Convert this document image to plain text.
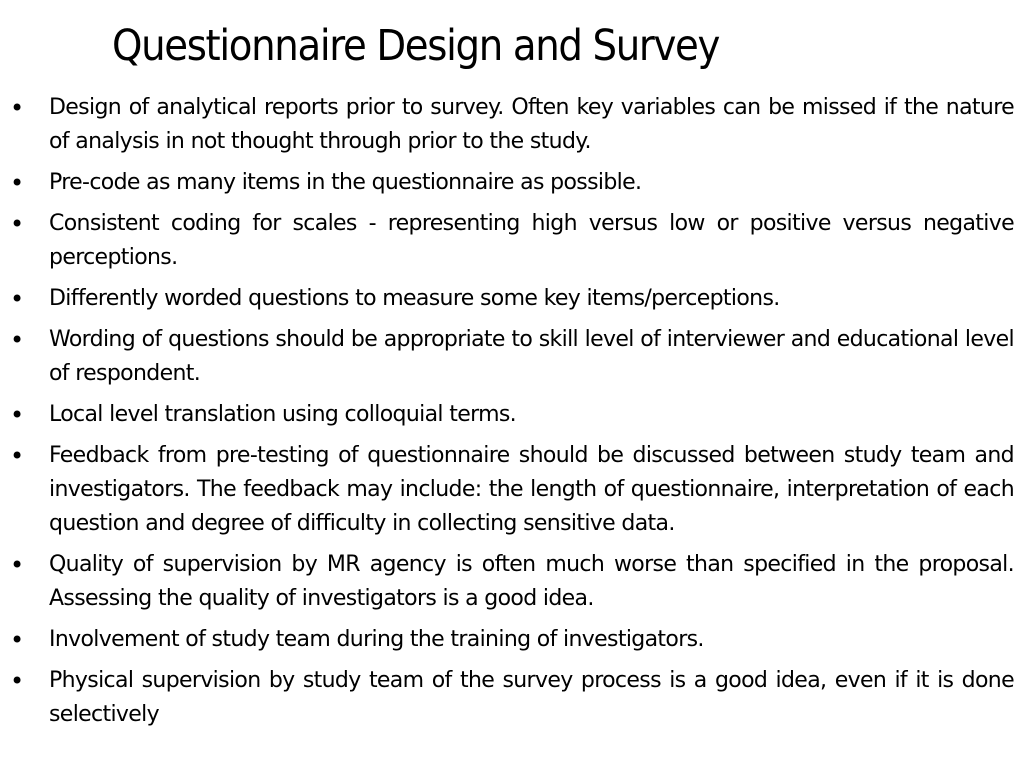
Questionnaire Design and Survey
• Design of analytical reports prior to survey. Often key variables can be missed if the nature of analysis in not thought through prior to the study.
• Pre-code as many items in the questionnaire as possible.
• Consistent coding for scales - representing high versus low or positive versus negative perceptions.
• Differently worded questions to measure some key items/perceptions.
• Wording of questions should be appropriate to skill level of interviewer and educational level of respondent.
• Local level translation using colloquial terms.
• Feedback from pre-testing of questionnaire should be discussed between study team and investigators. The feedback may include: the length of questionnaire, interpretation of each question and degree of difficulty in collecting sensitive data.
• Quality of supervision by MR agency is often much worse than specified in the proposal. Assessing the quality of investigators is a good idea.
• Involvement of study team during the training of investigators.
• Physical supervision by study team of the survey process is a good idea, even if it is done selectively
